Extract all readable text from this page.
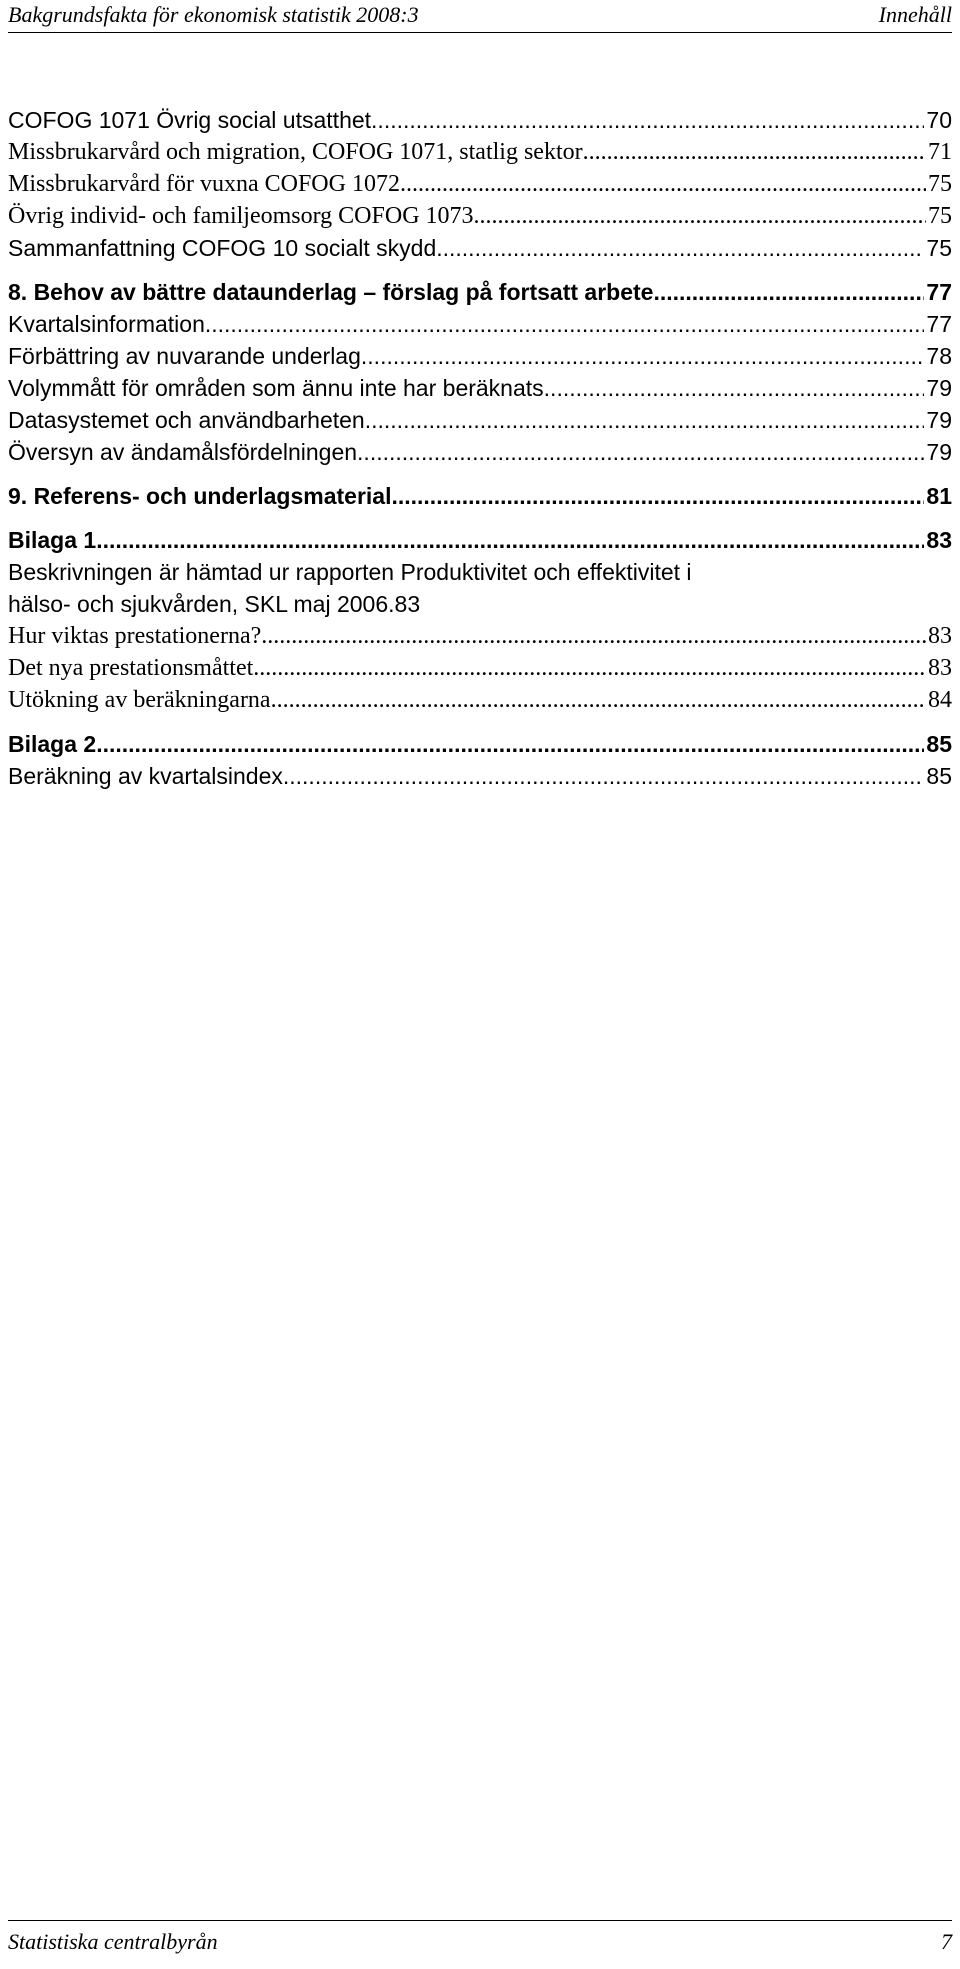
Bakgrundsfakta för ekonomisk statistik 2008:3	Innehåll
COFOG 1071 Övrig social utsatthet .....	70
Missbrukarvård och migration, COFOG 1071, statlig sektor .....	71
Missbrukarvård för vuxna COFOG 1072 .....	75
Övrig individ- och familjeomsorg COFOG 1073 .....	75
Sammanfattning COFOG 10 socialt skydd .....	75
8. Behov av bättre dataunderlag – förslag på fortsatt arbete .....	77
Kvartalsinformation .....	77
Förbättring av nuvarande underlag .....	78
Volymmått för områden som ännu inte har beräknats .....	79
Datasystemet och användbarheten .....	79
Översyn av ändamålsfördelningen .....	79
9. Referens- och underlagsmaterial .....	81
Bilaga 1 .....	83
Beskrivningen är hämtad ur rapporten Produktivitet och effektivitet i
hälso- och sjukvården, SKL maj 2006. 83
Hur viktas prestationerna? .....	83
Det nya prestationsmåttet .....	83
Utökning av beräkningarna .....	84
Bilaga 2 .....	85
Beräkning av kvartalsindex .....	85
Statistiska centralbyrån	7
